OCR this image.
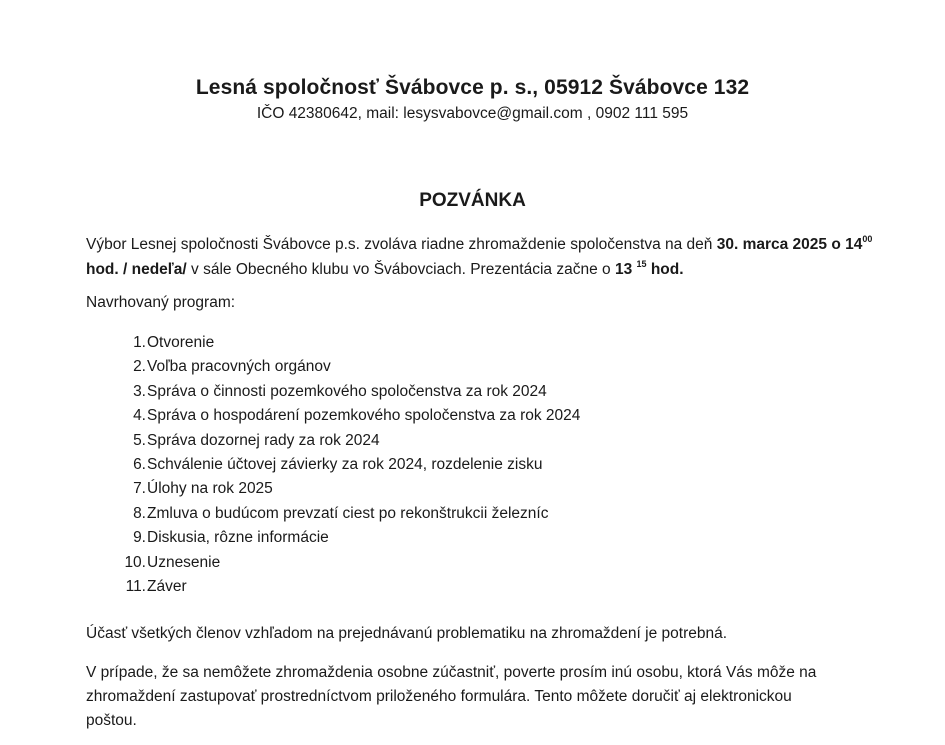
Lesná spoločnosť Švábovce p. s., 05912 Švábovce 132
IČO 42380642, mail: lesysvabovce@gmail.com , 0902 111 595
POZVÁNKA
Výbor Lesnej spoločnosti Švábovce p.s. zvoláva riadne zhromaždenie spoločenstva na deň 30. marca 2025 o $14^{00}$ hod. / nedeľa/ v sále Obecného klubu vo Švábovciach. Prezentácia začne o 13 $^{15}$ hod.
Navrhovaný program:
1. Otvorenie
2. Voľba pracovných orgánov
3. Správa o činnosti pozemkového spoločenstva za rok 2024
4. Správa o hospodárení pozemkového spoločenstva za rok 2024
5. Správa dozornej rady za rok 2024
6. Schválenie účtovej závierky za rok 2024, rozdelenie zisku
7. Úlohy na rok 2025
8. Zmluva o budúcom prevzatí ciest po rekonštrukcii železníc
9. Diskusia, rôzne informácie
10. Uznesenie
11. Záver
Účasť všetkých členov vzhľadom na prejednávanú problematiku na zhromaždení je potrebná.
V prípade, že sa nemôžete zhromaždenia osobne zúčastniť, poverte prosím inú osobu, ktorá Vás môže na zhromaždení zastupovať prostredníctvom priloženého formulára. Tento môžete doručiť aj elektronickou poštou.
